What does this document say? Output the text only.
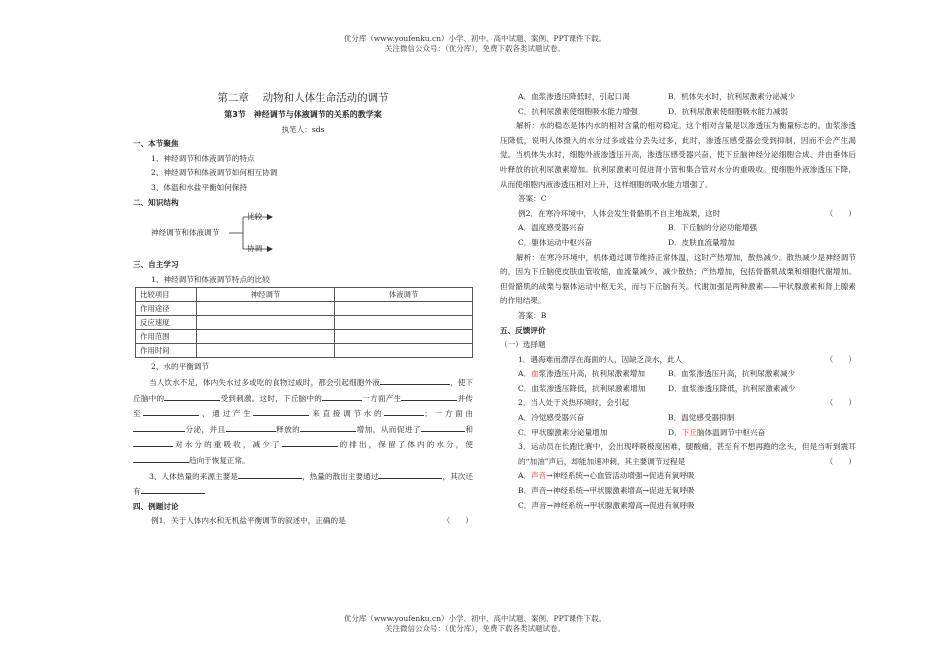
优分库（www.youfenku.cn）小学、初中、高中试题、案例、PPT课件下载。
关注微信公众号：（优分库），免费下载各类试题试卷。
第二章　 动物和人体生命活动的调节
第3节　神经调节与体液调节的关系的教学案
执笔人：sds
一、本节聚焦
1、神经调节和体液调节的特点
2、神经调节和体液调节如何相互协调
3、体温和水盐平衡如何保持
二、知识结构
神经调节和体液调节
比较
协调
三、自主学习
1、神经调节和体液调节特点的比较
比较项目	神经调节	体液调节
作用途径		
反应速度		
作用范围		
作用时间		
2、水的平衡调节
当人饮水不足，体内失水过多或吃的食物过咸时，都会引起细胞外液	，使下丘脑中的	受到刺激。这时，下丘脑中的	一方面产生	并传至	，通过产生	来直接调节水的	；一方面由分泌，并且	释放的	增加，从而促进了	和对水分的重吸收，减少了	的排出，保留了体内的水分，使趋向于恢复正常。
3、人体热量的来源主要是	，热量的散出主要通过	，其次还有
四、例题讨论
例1．关于人体内水和无机盐平衡调节的叙述中，正确的是	（　　）
A．血浆渗透压降低时，引起口渴	B．机体失水时，抗利尿激素分泌减少
C．抗利尿激素使细胞吸水能力增强	D．抗利尿激素使细胞吸水能力减弱
解析：水的稳态是体内水的相对含量的相对稳定。这个相对含量是以渗透压为衡量标志的。血浆渗透压降低，说明人体摄入的水分过多或盐分丢失过多，此时，渗透压感受器会受到抑制，因而不会产生渴觉。当机体失水时，细胞外液渗透压升高，渗透压感受器兴奋，使下丘脑神经分泌细胞合成、并由垂体后叶释放的抗利尿激素增加。抗利尿激素可促进肾小管和集合管对水分的重吸收。使细胞外液渗透压下降，从而使细胞内液渗透压相对上升，这样细胞的吸水能力增强了。
答案：C
例2．在寒冷环境中，人体会发生骨骼肌不自主地战栗，这时	（　　）
A．温度感受器兴奋	B．下丘脑的分泌功能增强
C．躯体运动中枢兴奋	D．皮肤血流量增加
解析：在寒冷环境中，机体通过调节维持正常体温，这时产热增加，散热减少。散热减少是神经调节的，因为下丘脑使皮肤血管收缩，血流量减少，减少散热；产热增加，包括骨骼肌战栗和细胞代谢增加。但骨骼肌的战栗与躯体运动中枢无关，而与下丘脑有关。代谢加强是两种激素——甲状腺激素和肾上腺素的作用结果。
答案：B
五、反馈评价
（一）选择题
1．遇海难而漂浮在海面的人，因缺乏淡水，此人	（　　）
A．血浆渗透压升高，抗利尿激素增加	B．血浆渗透压升高，抗利尿激素减少
C．血浆渗透压降低，抗利尿激素增加	D．血浆渗透压降低，抗利尿激素减少
2．当人处于炎热环境时，会引起	（　　）
A．冷觉感受器兴奋	B．温觉感受器抑制
C．甲状腺激素分泌量增加	D．下丘脑体温调节中枢兴奋
3．运动员在长跑比赛中，会出现呼吸极度困难，腿酸痛，甚至有不想再跑的念头，但是当听到震耳的“加油”声后，却能加速冲刺，其主要调节过程是	（　　）
A．声音→神经系统→心血管活动增强→促进有氧呼吸
B．声音→神经系统→甲状腺激素增高→促进无氧呼吸
C．声音→神经系统→甲状腺激素增高→促进有氧呼吸
优分库（www.youfenku.cn）小学、初中、高中试题、案例、PPT课件下载。
关注微信公众号：（优分库），免费下载各类试题试卷。
